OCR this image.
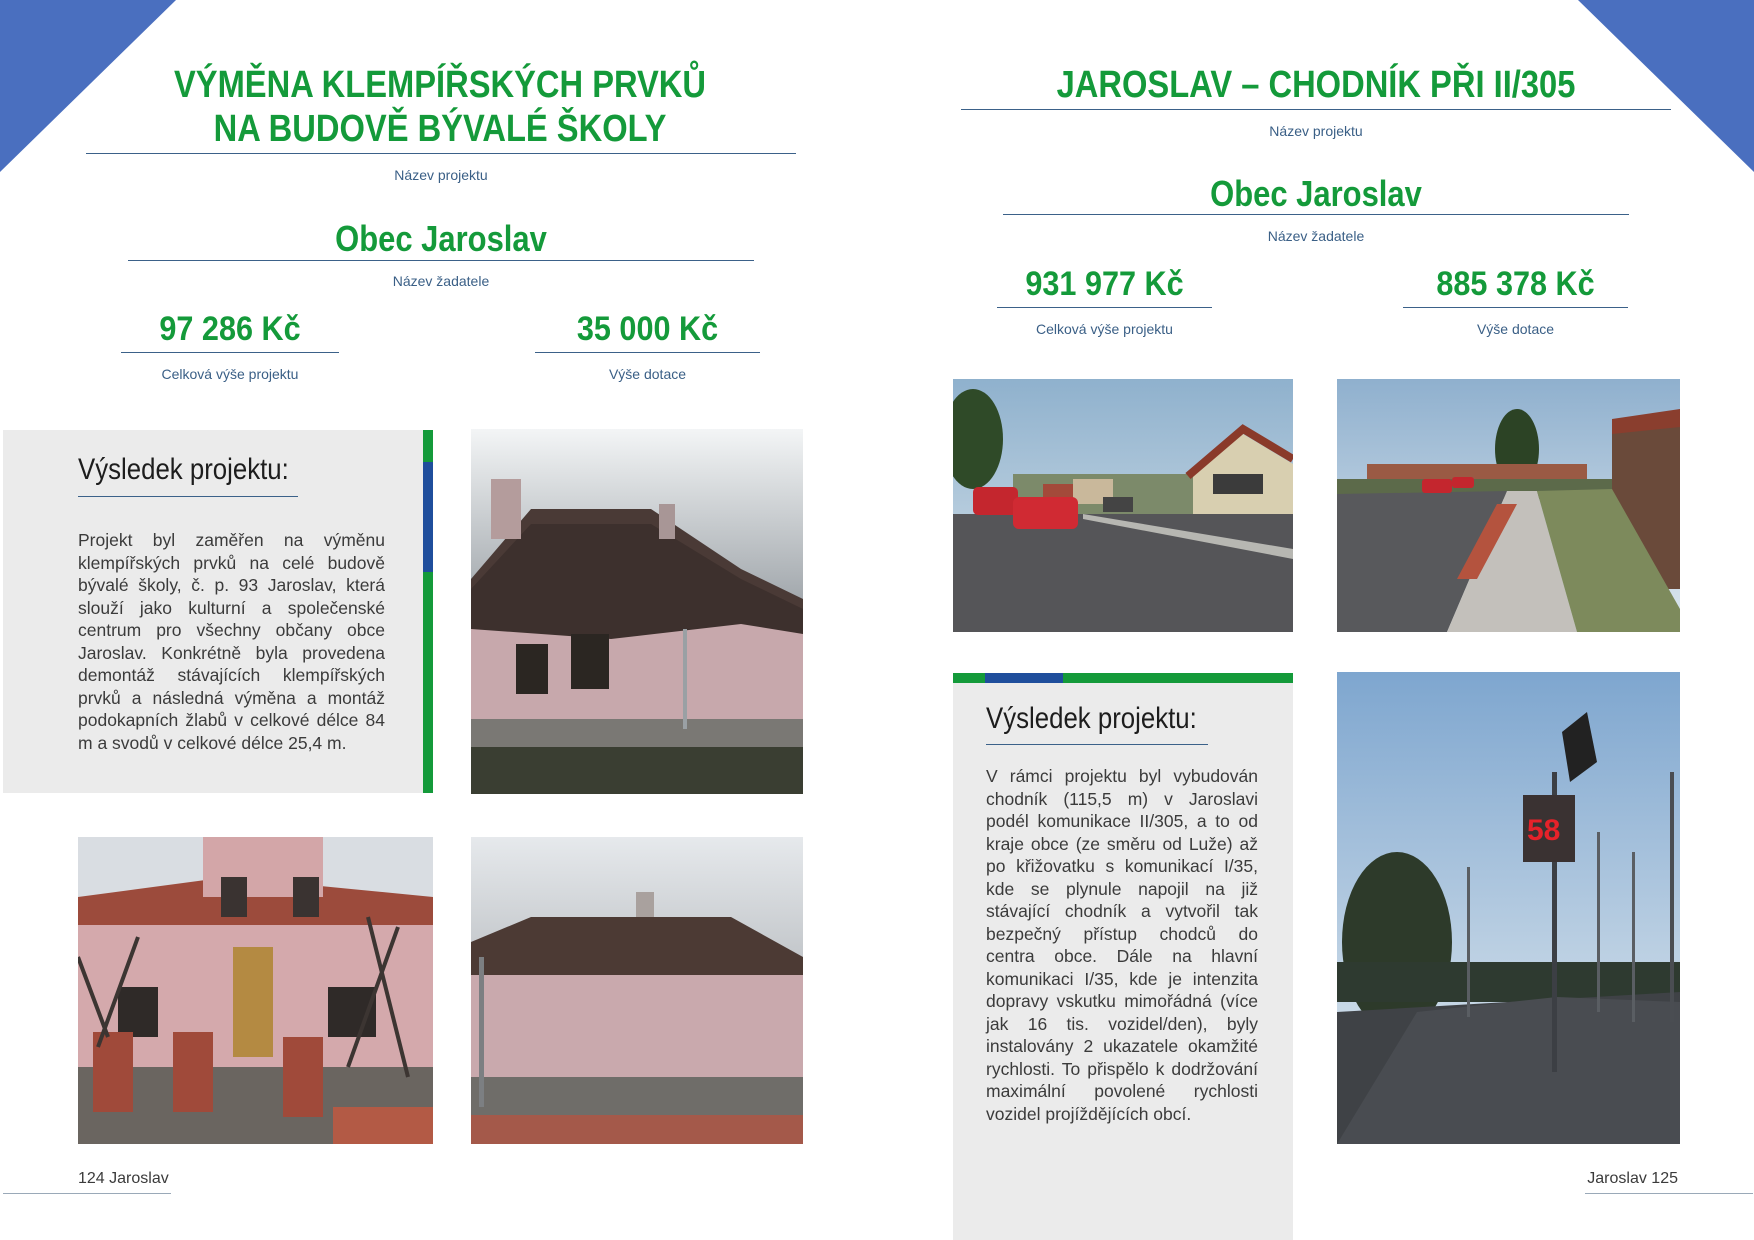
VÝMĚNA KLEMPÍŘSKÝCH PRVKŮ
NA BUDOVĚ BÝVALÉ ŠKOLY
Název projektu
Obec Jaroslav
Název žadatele
97 286 Kč
Celková výše projektu
35 000 Kč
Výše dotace
Výsledek projektu:
Projekt byl zaměřen na výměnu klempířských prvků na celé budově bývalé školy, č. p. 93 Jaroslav, která slouží jako kulturní a společenské centrum pro všechny občany obce Jaroslav. Konkrétně byla provedena demontáž stávajících klempířských prvků a následná výměna a montáž podokapních žlabů v celkové délce 84 m a svodů v celkové délce 25,4 m.
124 Jaroslav
JAROSLAV – CHODNÍK PŘI II/305
Název projektu
Obec Jaroslav
Název žadatele
931 977 Kč
Celková výše projektu
885 378 Kč
Výše dotace
Výsledek projektu:
V rámci projektu byl vybudován chodník (115,5 m) v Jaroslavi podél komunikace II/305, a to od kraje obce (ze směru od Luže) až po křižovatku s komunikací I/35, kde se plynule napojil na již stávající chodník a vytvořil tak bezpečný přístup chodců do centra obce. Dále na hlavní komunikaci I/35, kde je intenzita dopravy vskutku mimořádná (více jak 16 tis. vozidel/den), byly instalovány 2 ukazatele okamžité rychlosti. To přispělo k dodržování maximální povolené rychlosti vozidel projíždějících obcí.
58
Jaroslav 125
